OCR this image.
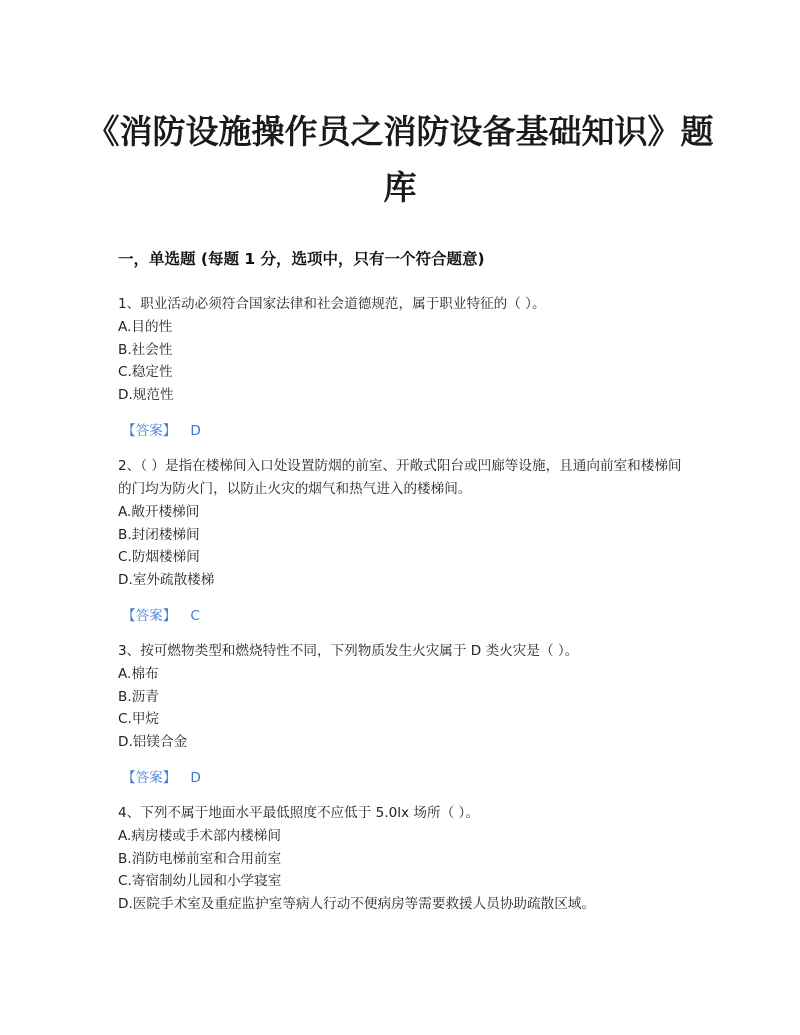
《消防设施操作员之消防设备基础知识》题库
一，单选题 (每题 1 分，选项中，只有一个符合题意)
1、职业活动必须符合国家法律和社会道德规范，属于职业特征的（ ）。
A.目的性
B.社会性
C.稳定性
D.规范性
【答案】 D
2、（ ）是指在楼梯间入口处设置防烟的前室、开敞式阳台或凹廊等设施，且通向前室和楼梯间的门均为防火门，以防止火灾的烟气和热气进入的楼梯间。
A.敞开楼梯间
B.封闭楼梯间
C.防烟楼梯间
D.室外疏散楼梯
【答案】 C
3、按可燃物类型和燃烧特性不同，下列物质发生火灾属于 D 类火灾是（ ）。
A.棉布
B.沥青
C.甲烷
D.铝镁合金
【答案】 D
4、下列不属于地面水平最低照度不应低于 5.0lx 场所（ ）。
A.病房楼或手术部内楼梯间
B.消防电梯前室和合用前室
C.寄宿制幼儿园和小学寝室
D.医院手术室及重症监护室等病人行动不便病房等需要救援人员协助疏散区域。
